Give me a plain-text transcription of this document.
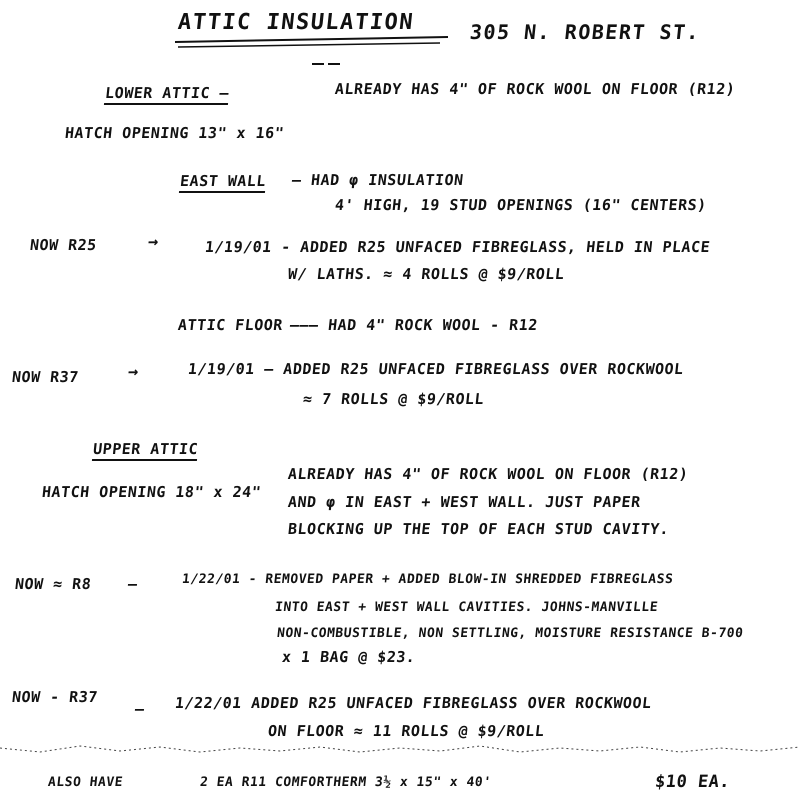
ATTIC INSULATION	305 N. ROBERT ST.
LOWER ATTIC —	ALREADY HAS 4" OF ROCK WOOL ON FLOOR (R12)
HATCH OPENING 13" x 16"
EAST WALL — HAD φ INSULATION
4' HIGH, 19 STUD OPENINGS (16" CENTERS)
NOW R25	→	1/19/01 - ADDED R25 UNFACED FIBREGLASS, HELD IN PLACE
W/ LATHS. ≈ 4 ROLLS @ $9/ROLL
ATTIC FLOOR ——— HAD 4" ROCK WOOL - R12
NOW R37	→	1/19/01 — ADDED R25 UNFACED FIBREGLASS OVER ROCKWOOL
≈ 7 ROLLS @ $9/ROLL
UPPER ATTIC
HATCH OPENING 18" x 24"
ALREADY HAS 4" OF ROCK WOOL ON FLOOR (R12)
AND φ IN EAST + WEST WALL. JUST PAPER
BLOCKING UP THE TOP OF EACH STUD CAVITY.
NOW ≈ R8 —	1/22/01 - REMOVED PAPER + ADDED BLOW-IN SHREDDED FIBREGLASS
INTO EAST + WEST WALL CAVITIES. JOHNS-MANVILLE
NON-COMBUSTIBLE, NON SETTLING, MOISTURE RESISTANCE B-700
x 1 BAG @ $23.
NOW - R37
— 1/22/01 ADDED R25 UNFACED FIBREGLASS OVER ROCKWOOL
ON FLOOR ≈ 11 ROLLS @ $9/ROLL
ALSO HAVE	2 EA R11 COMFORTHERM 3½ x 15" x 40'	$10 EA.
